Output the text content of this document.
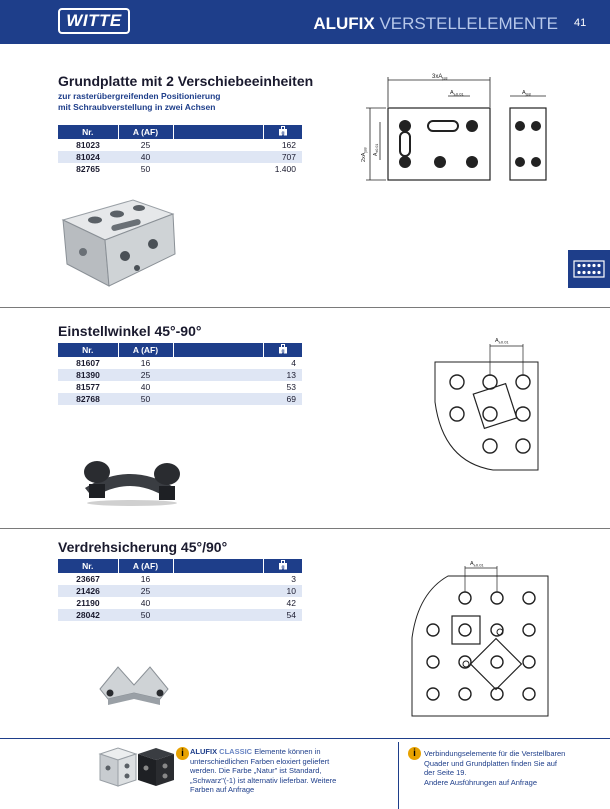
WITTE	ALUFIX VERSTELLELEMENTE 41
Grundplatte mit 2 Verschiebeeinheiten
zur rasterübergreifenden Positionierung
mit Schraubverstellung in zwei Achsen
Nr.	A (AF)		g

81023	25		162
81024	40		707
82765	50		1.400
$3xA_{js8}$
$A_{\pm 0.01}$	$A_{js8}$
$2xA_{js8}$
$A_{\pm 0.01}$
Einstellwinkel 45°-90°
Nr.	A (AF)		g

81607	16		4
81390	25		13
81577	40		53
82768	50		69
$A_{\pm 0.01}$
Verdrehsicherung 45°/90°
Nr.	A (AF)		g

23667	16		3
21426	25		10
21190	40		42
28042	50		54
$A_{\pm 0.01}$
i ALUFIX CLASSIC Elemente können in
unterschiedlichen Farben eloxiert geliefert
werden. Die Farbe „Natur" ist Standard,
„Schwarz"(-1) ist alternativ lieferbar. Weitere
Farben auf Anfrage
i	Verbindungselemente für die Verstellbaren
Quader und Grundplatten finden Sie auf
der Seite 19.
Andere Ausführungen auf Anfrage
